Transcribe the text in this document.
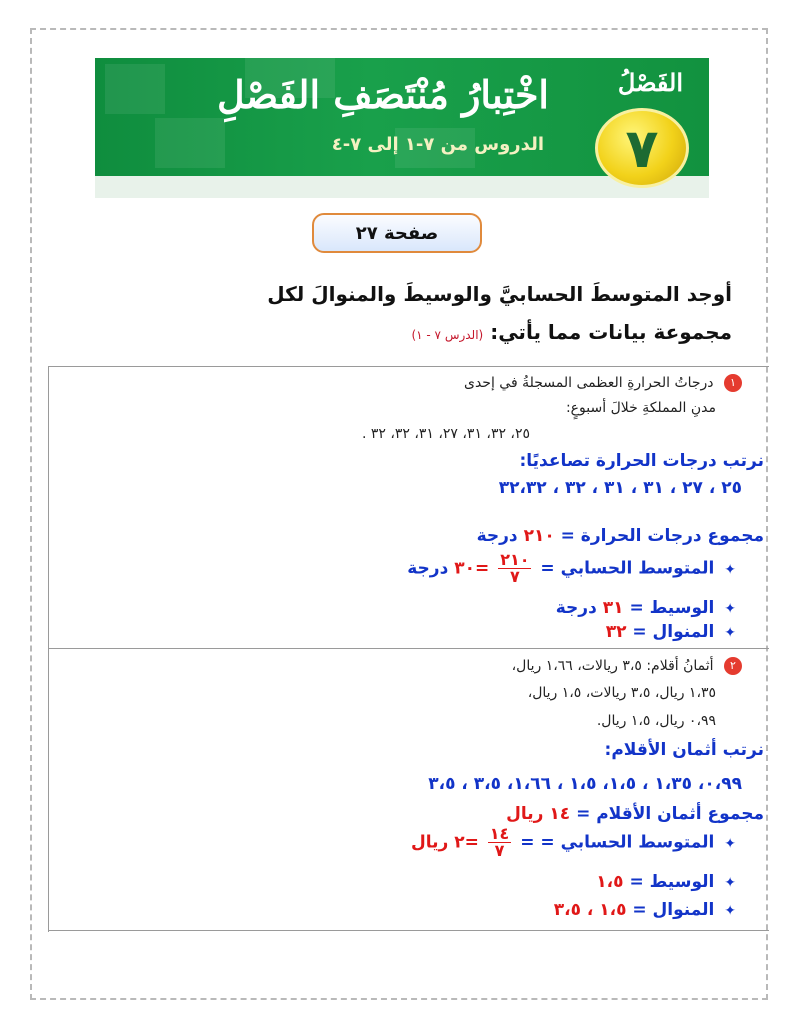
اخْتِبارُ مُنْتَصَفِ الفَصْلِ
الدروس من ٧-١ إلى ٧-٤
الفَصْلُ
٧
صفحة ٢٧
أوجد المتوسطَ الحسابيَّ والوسيطَ والمنوالَ لكل
مجموعة بيانات مما يأتي: (الدرس ٧ - ١)
١ درجاتُ الحرارةِ العظمى المسجلةُ في إحدى
مدنِ المملكةِ خلالَ أسبوعٍ:
٢٥، ٣٢، ٣١، ٢٧، ٣١، ٣٢، ٣٢ .
نرتب درجات الحرارة تصاعديًا:
٢٥ ، ٢٧ ، ٣١ ، ٣١ ، ٣٢ ، ٣٢،٣٢
مجموع درجات الحرارة = ٢١٠ درجة
✦ المتوسط الحسابي =
$\frac{٢١٠}{٧}$
=٣٠ درجة
✦ الوسيط = ٣١ درجة
✦ المنوال = ٣٢
٢ أثمانُ أقلام: ٣،٥ ريالات، ١،٦٦ ريال،
١،٣٥ ريال، ٣،٥ ريالات، ١،٥ ريال،
٠،٩٩ ريال، ١،٥ ريال.
نرتب أثمان الأقلام:
٠،٩٩، ١،٣٥ ، ١،٥، ١،٥ ، ١،٦٦، ٣،٥ ، ٣،٥
مجموع أثمان الأقلام = ١٤ ريال
✦ المتوسط الحسابي = =
$\frac{١٤}{٧}$
=٢ ريال
✦ الوسيط = ١،٥
✦ المنوال = ١،٥ ، ٣،٥
